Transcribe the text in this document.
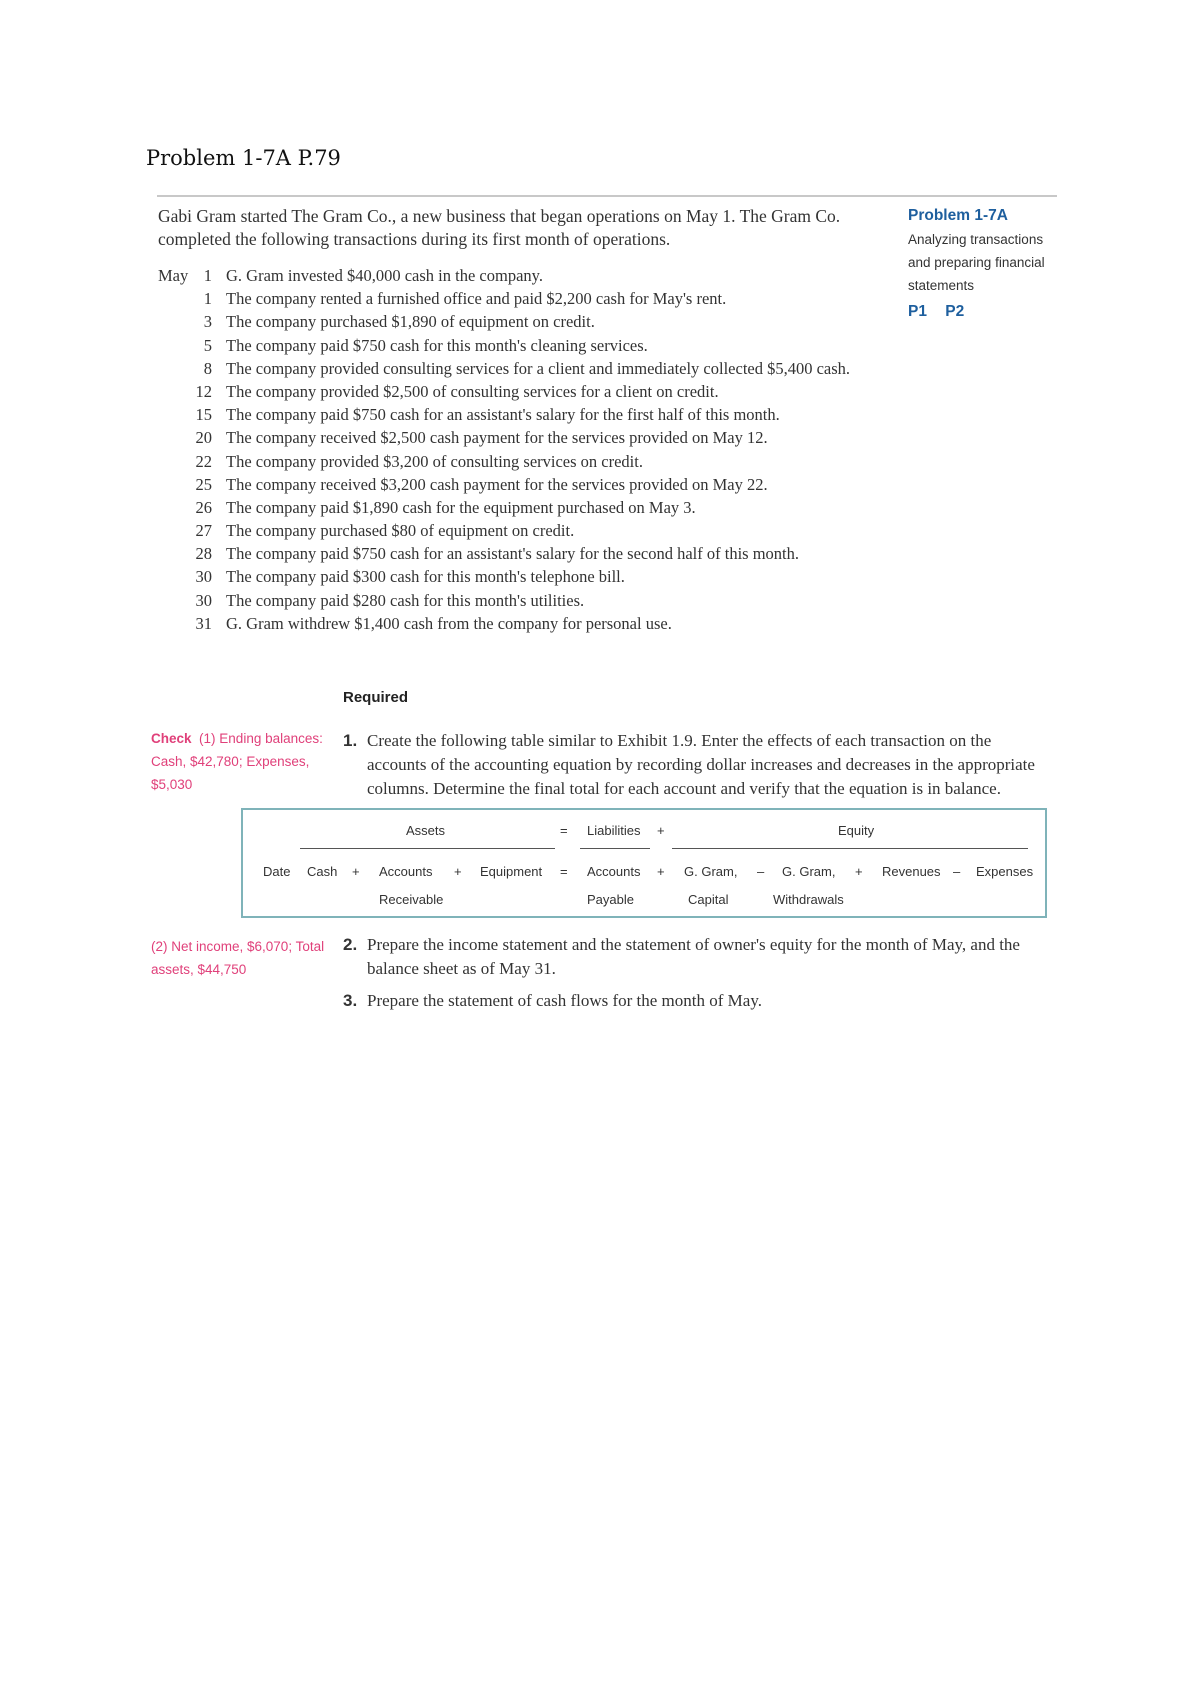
Problem 1-7A P.79
Gabi Gram started The Gram Co., a new business that began operations on May 1. The Gram Co. completed the following transactions during its first month of operations.
Problem 1-7A
Analyzing transactions and preparing financial statements
P1 P2
May 1 G. Gram invested $40,000 cash in the company.
1 The company rented a furnished office and paid $2,200 cash for May's rent.
3 The company purchased $1,890 of equipment on credit.
5 The company paid $750 cash for this month's cleaning services.
8 The company provided consulting services for a client and immediately collected $5,400 cash.
12 The company provided $2,500 of consulting services for a client on credit.
15 The company paid $750 cash for an assistant's salary for the first half of this month.
20 The company received $2,500 cash payment for the services provided on May 12.
22 The company provided $3,200 of consulting services on credit.
25 The company received $3,200 cash payment for the services provided on May 22.
26 The company paid $1,890 cash for the equipment purchased on May 3.
27 The company purchased $80 of equipment on credit.
28 The company paid $750 cash for an assistant's salary for the second half of this month.
30 The company paid $300 cash for this month's telephone bill.
30 The company paid $280 cash for this month's utilities.
31 G. Gram withdrew $1,400 cash from the company for personal use.
Required
Check (1) Ending balances: Cash, $42,780; Expenses, $5,030
1. Create the following table similar to Exhibit 1.9. Enter the effects of each transaction on the accounts of the accounting equation by recording dollar increases and decreases in the appropriate columns. Determine the final total for each account and verify that the equation is in balance.
Assets	= Liabilities +	Equity
Date Cash + Accounts
Receivable
+ Equipment = Accounts
Payable
+ G. Gram,
Capital
– G. Gram,
Withdrawals
+ Revenues – Expenses
(2) Net income, $6,070; Total assets, $44,750
2. Prepare the income statement and the statement of owner's equity for the month of May, and the balance sheet as of May 31.
3. Prepare the statement of cash flows for the month of May.
